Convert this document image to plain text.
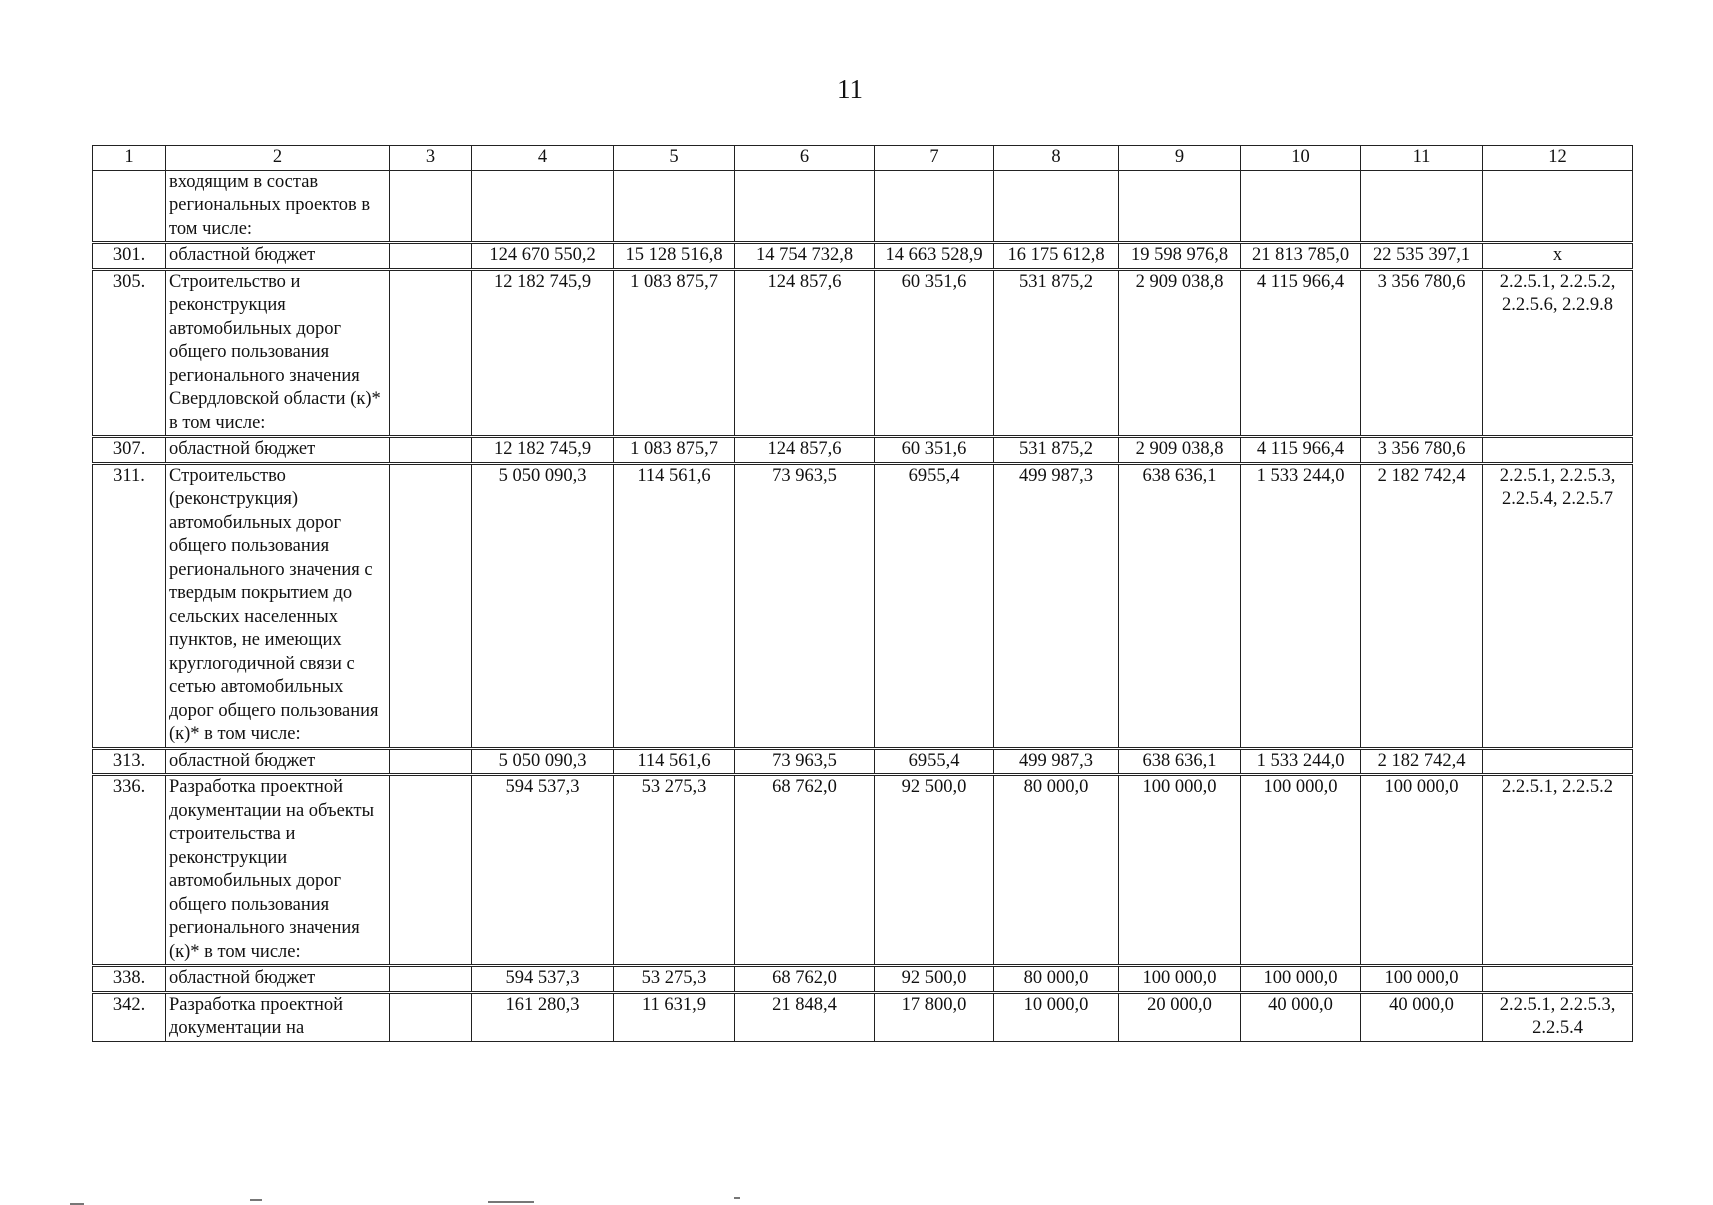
11
1	2	3	4	5	6	7	8	9	10	11	12
	входящим в состав региональных проектов в том числе:										
301.	областной бюджет		124 670 550,2	15 128 516,8	14 754 732,8	14 663 528,9	16 175 612,8	19 598 976,8	21 813 785,0	22 535 397,1	x
305.	Строительство и реконструкция автомобильных дорог общего пользования регионального значения Свердловской области (к)* в том числе:		12 182 745,9	1 083 875,7	124 857,6	60 351,6	531 875,2	2 909 038,8	4 115 966,4	3 356 780,6	2.2.5.1, 2.2.5.2, 2.2.5.6, 2.2.9.8
307.	областной бюджет		12 182 745,9	1 083 875,7	124 857,6	60 351,6	531 875,2	2 909 038,8	4 115 966,4	3 356 780,6	
311.	Строительство (реконструкция) автомобильных дорог общего пользования регионального значения с твердым покрытием до сельских населенных пунктов, не имеющих круглогодичной связи с сетью автомобильных дорог общего пользования (к)* в том числе:		5 050 090,3	114 561,6	73 963,5	6955,4	499 987,3	638 636,1	1 533 244,0	2 182 742,4	2.2.5.1, 2.2.5.3, 2.2.5.4, 2.2.5.7
313.	областной бюджет		5 050 090,3	114 561,6	73 963,5	6955,4	499 987,3	638 636,1	1 533 244,0	2 182 742,4	
336.	Разработка проектной документации на объекты строительства и реконструкции автомобильных дорог общего пользования регионального значения (к)* в том числе:		594 537,3	53 275,3	68 762,0	92 500,0	80 000,0	100 000,0	100 000,0	100 000,0	2.2.5.1, 2.2.5.2
338.	областной бюджет		594 537,3	53 275,3	68 762,0	92 500,0	80 000,0	100 000,0	100 000,0	100 000,0	
342.	Разработка проектной документации на		161 280,3	11 631,9	21 848,4	17 800,0	10 000,0	20 000,0	40 000,0	40 000,0	2.2.5.1, 2.2.5.3, 2.2.5.4
